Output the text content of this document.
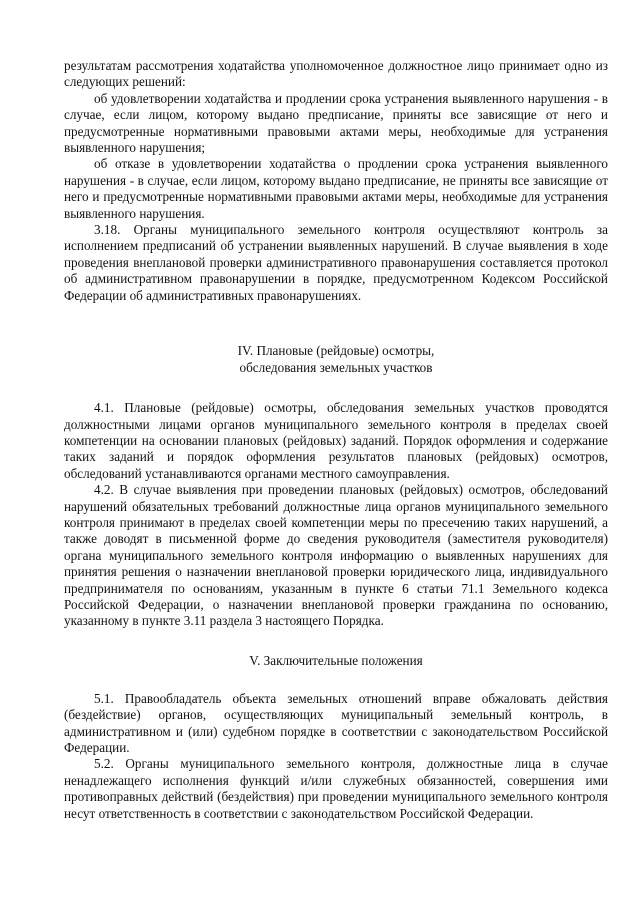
результатам рассмотрения ходатайства уполномоченное должностное лицо принимает одно из следующих решений:

об удовлетворении ходатайства и продлении срока устранения выявленного нарушения - в случае, если лицом, которому выдано предписание, приняты все зависящие от него и предусмотренные нормативными правовыми актами меры, необходимые для устранения выявленного нарушения;

об отказе в удовлетворении ходатайства о продлении срока устранения выявленного нарушения - в случае, если лицом, которому выдано предписание, не приняты все зависящие от него и предусмотренные нормативными правовыми актами меры, необходимые для устранения выявленного нарушения.

3.18. Органы муниципального земельного контроля осуществляют контроль за исполнением предписаний об устранении выявленных нарушений. В случае выявления в ходе проведения внеплановой проверки административного правонарушения составляется протокол об административном правонарушении в порядке, предусмотренном Кодексом Российской Федерации об административных правонарушениях.

IV. Плановые (рейдовые) осмотры,
обследования земельных участков

4.1. Плановые (рейдовые) осмотры, обследования земельных участков проводятся должностными лицами органов муниципального земельного контроля в пределах своей компетенции на основании плановых (рейдовых) заданий. Порядок оформления и содержание таких заданий и порядок оформления результатов плановых (рейдовых) осмотров, обследований устанавливаются органами местного самоуправления.

4.2. В случае выявления при проведении плановых (рейдовых) осмотров, обследований нарушений обязательных требований должностные лица органов муниципального земельного контроля принимают в пределах своей компетенции меры по пресечению таких нарушений, а также доводят в письменной форме до сведения руководителя (заместителя руководителя) органа муниципального земельного контроля информацию о выявленных нарушениях для принятия решения о назначении внеплановой проверки юридического лица, индивидуального предпринимателя по основаниям, указанным в пункте 6 статьи 71.1 Земельного кодекса Российской Федерации, о назначении внеплановой проверки гражданина по основанию, указанному в пункте 3.11 раздела 3 настоящего Порядка.

V. Заключительные положения

5.1. Правообладатель объекта земельных отношений вправе обжаловать действия (бездействие) органов, осуществляющих муниципальный земельный контроль, в административном и (или) судебном порядке в соответствии с законодательством Российской Федерации.

5.2. Органы муниципального земельного контроля, должностные лица в случае ненадлежащего исполнения функций и/или служебных обязанностей, совершения ими противоправных действий (бездействия) при проведении муниципального земельного контроля несут ответственность в соответствии с законодательством Российской Федерации.
